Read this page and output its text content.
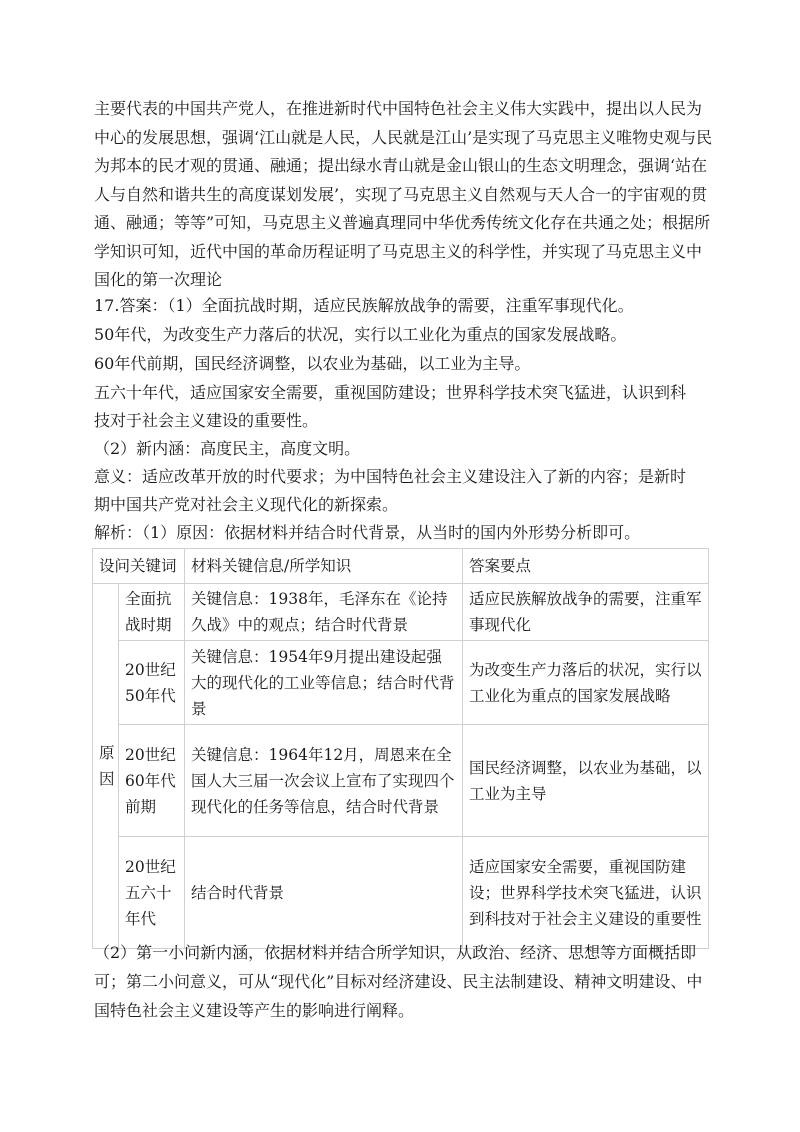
主要代表的中国共产党人，在推进新时代中国特色社会主义伟大实践中，提出以人民为中心的发展思想，强调‘江山就是人民，人民就是江山’是实现了马克思主义唯物史观与民为邦本的民才观的贯通、融通；提出绿水青山就是金山银山的生态文明理念，强调‘站在人与自然和谐共生的高度谋划发展’，实现了马克思主义自然观与天人合一的宇宙观的贯通、融通；等等”可知，马克思主义普遍真理同中华优秀传统文化存在共通之处；根据所学知识可知，近代中国的革命历程证明了马克思主义的科学性，并实现了马克思主义中国化的第一次理论

17.答案：（1）全面抗战时期，适应民族解放战争的需要，注重军事现代化。

50年代，为改变生产力落后的状况，实行以工业化为重点的国家发展战略。

60年代前期，国民经济调整，以农业为基础，以工业为主导。

五六十年代，适应国家安全需要，重视国防建设；世界科学技术突飞猛进，认识到科

技对于社会主义建设的重要性。

（2）新内涵：高度民主，高度文明。

意义：适应改革开放的时代要求；为中国特色社会主义建设注入了新的内容；是新时

期中国共产党对社会主义现代化的新探索。

解析：（1）原因：依据材料并结合时代背景，从当时的国内外形势分析即可。

设问关键词		材料关键信息/所学知识	答案要点
原因	全面抗战时期	关键信息：1938年，毛泽东在《论持久战》中的观点；结合时代背景	适应民族解放战争的需要，注重军事现代化
	20世纪50年代	关键信息：1954年9月提出建设起强大的现代化的工业等信息；结合时代背景	为改变生产力落后的状况，实行以工业化为重点的国家发展战略
	20世纪60年代前期	关键信息：1964年12月，周恩来在全国人大三届一次会议上宣布了实现四个现代化的任务等信息，结合时代背景	国民经济调整，以农业为基础，以工业为主导
	20世纪五六十年代	结合时代背景	适应国家安全需要，重视国防建设；世界科学技术突飞猛进，认识到科技对于社会主义建设的重要性

（2）第一小问新内涵，依据材料并结合所学知识，从政治、经济、思想等方面概括即可；第二小问意义，可从“现代化”目标对经济建设、民主法制建设、精神文明建设、中国特色社会主义建设等产生的影响进行阐释。
